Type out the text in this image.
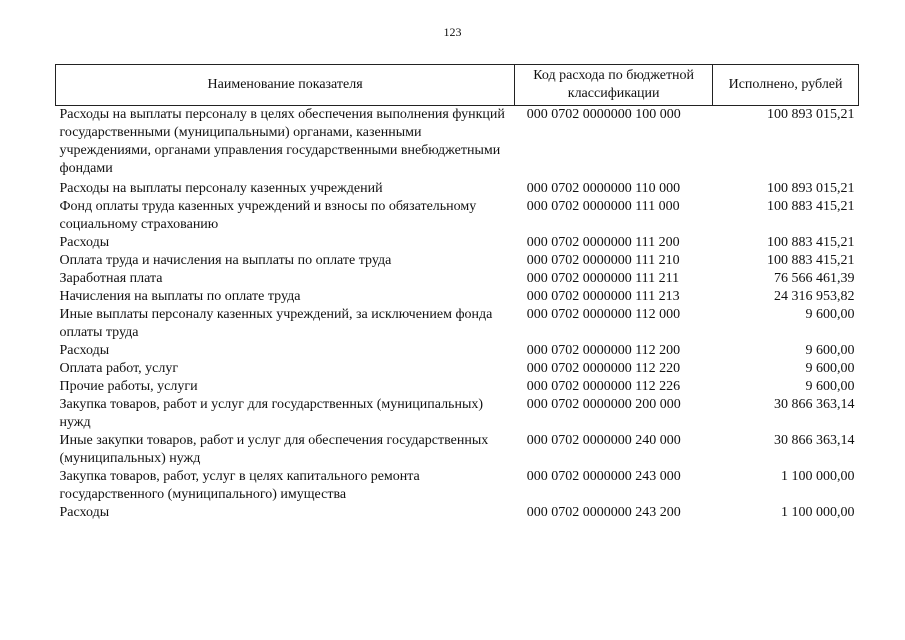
123
Наименование показателя	Код расхода по бюджетной классификации	Исполнено, рублей
Расходы на выплаты персоналу в целях обеспечения выполнения функций государственными (муниципальными) органами, казенными учреждениями, органами управления государственными внебюджетными фондами	000 0702 0000000 100 000	100 893 015,21
Расходы на выплаты персоналу казенных учреждений	000 0702 0000000 110 000	100 893 015,21
Фонд оплаты труда казенных учреждений и взносы по обязательному социальному страхованию	000 0702 0000000 111 000	100 883 415,21
Расходы	000 0702 0000000 111 200	100 883 415,21
Оплата труда и начисления на выплаты по оплате труда	000 0702 0000000 111 210	100 883 415,21
Заработная плата	000 0702 0000000 111 211	76 566 461,39
Начисления на выплаты по оплате труда	000 0702 0000000 111 213	24 316 953,82
Иные выплаты персоналу казенных учреждений, за исключением фонда оплаты труда	000 0702 0000000 112 000	9 600,00
Расходы	000 0702 0000000 112 200	9 600,00
Оплата работ, услуг	000 0702 0000000 112 220	9 600,00
Прочие работы, услуги	000 0702 0000000 112 226	9 600,00
Закупка товаров, работ и услуг для государственных (муниципальных) нужд	000 0702 0000000 200 000	30 866 363,14
Иные закупки товаров, работ и услуг для обеспечения государственных (муниципальных) нужд	000 0702 0000000 240 000	30 866 363,14
Закупка товаров, работ, услуг в целях капитального ремонта государственного (муниципального) имущества	000 0702 0000000 243 000	1 100 000,00
Расходы	000 0702 0000000 243 200	1 100 000,00
